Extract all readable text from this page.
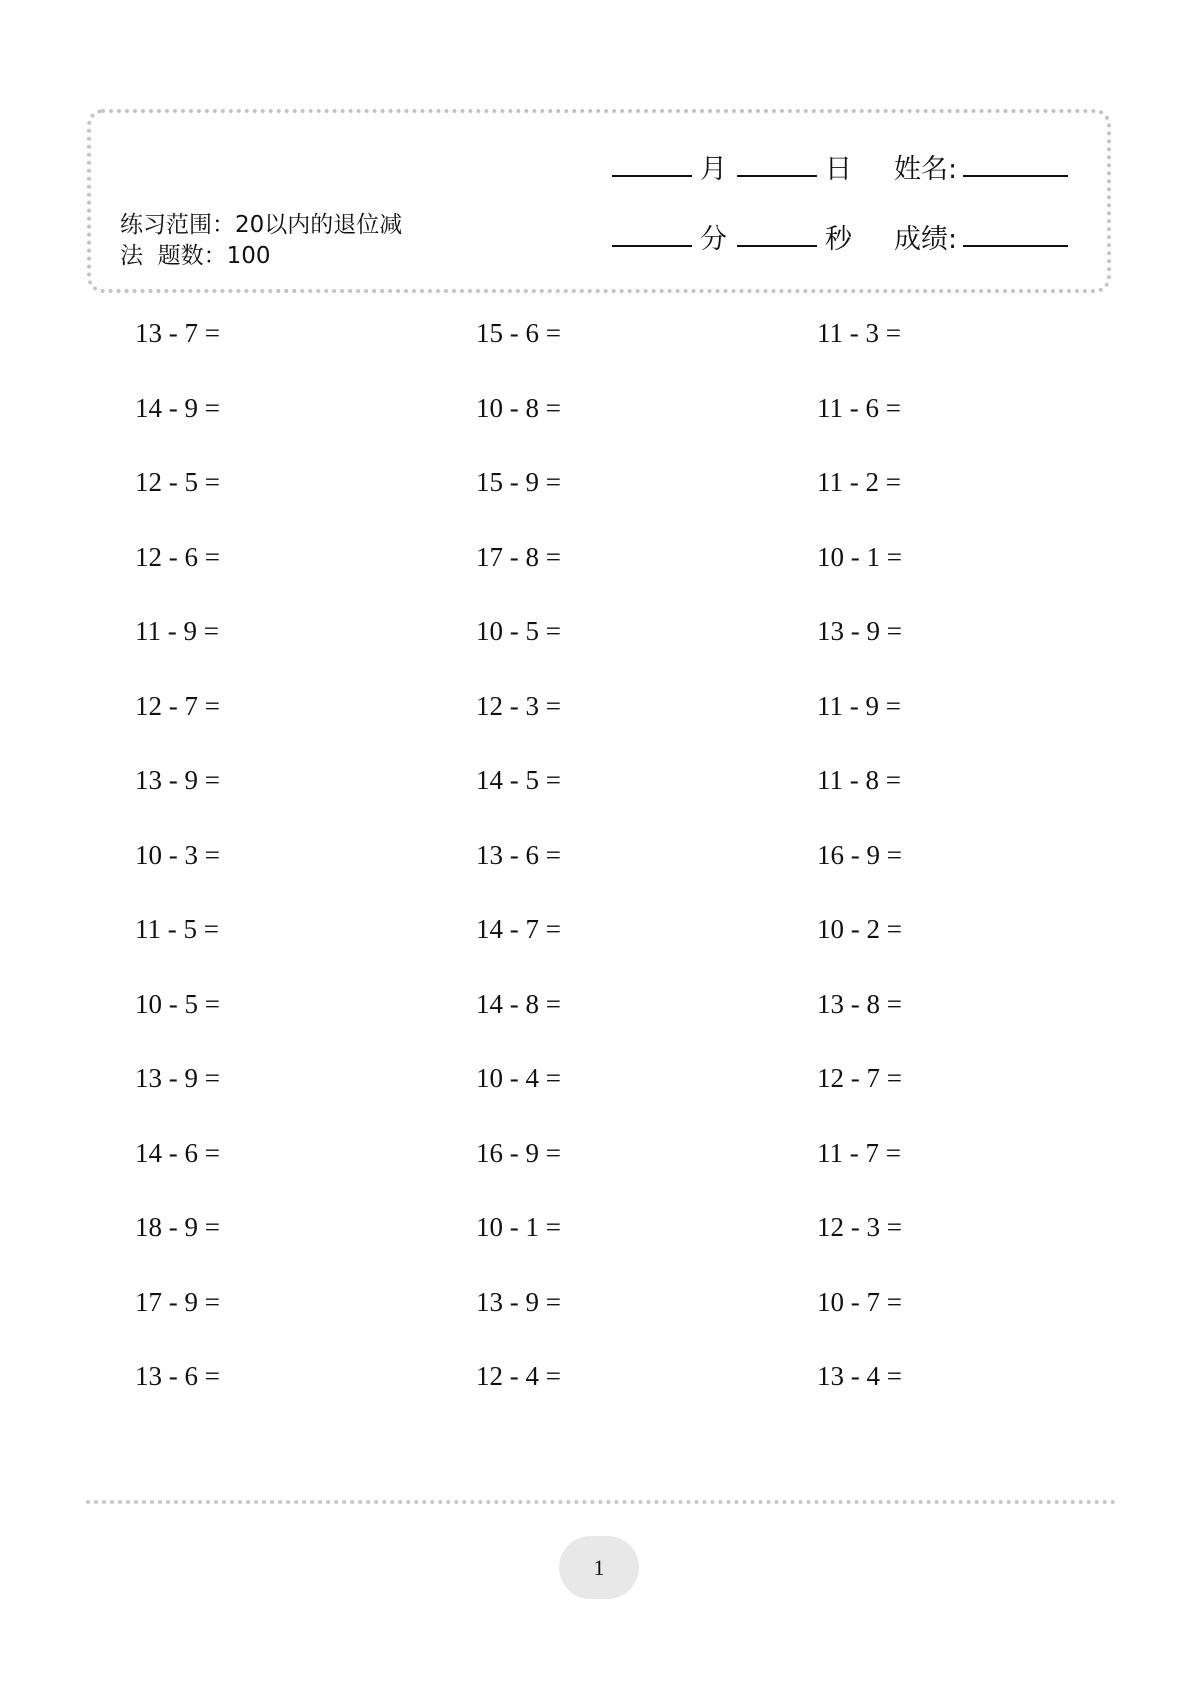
练习范围：20以内的退位减
法  题数：100
月	日 姓名:
分	秒 成绩:
13 - 7 =	15 - 6 =	11 - 3 =
14 - 9 =	10 - 8 =	11 - 6 =
12 - 5 =	15 - 9 =	11 - 2 =
12 - 6 =	17 - 8 =	10 - 1 =
11 - 9 =	10 - 5 =	13 - 9 =
12 - 7 =	12 - 3 =	11 - 9 =
13 - 9 =	14 - 5 =	11 - 8 =
10 - 3 =	13 - 6 =	16 - 9 =
11 - 5 =	14 - 7 =	10 - 2 =
10 - 5 =	14 - 8 =	13 - 8 =
13 - 9 =	10 - 4 =	12 - 7 =
14 - 6 =	16 - 9 =	11 - 7 =
18 - 9 =	10 - 1 =	12 - 3 =
17 - 9 =	13 - 9 =	10 - 7 =
13 - 6 =	12 - 4 =	13 - 4 =
1
